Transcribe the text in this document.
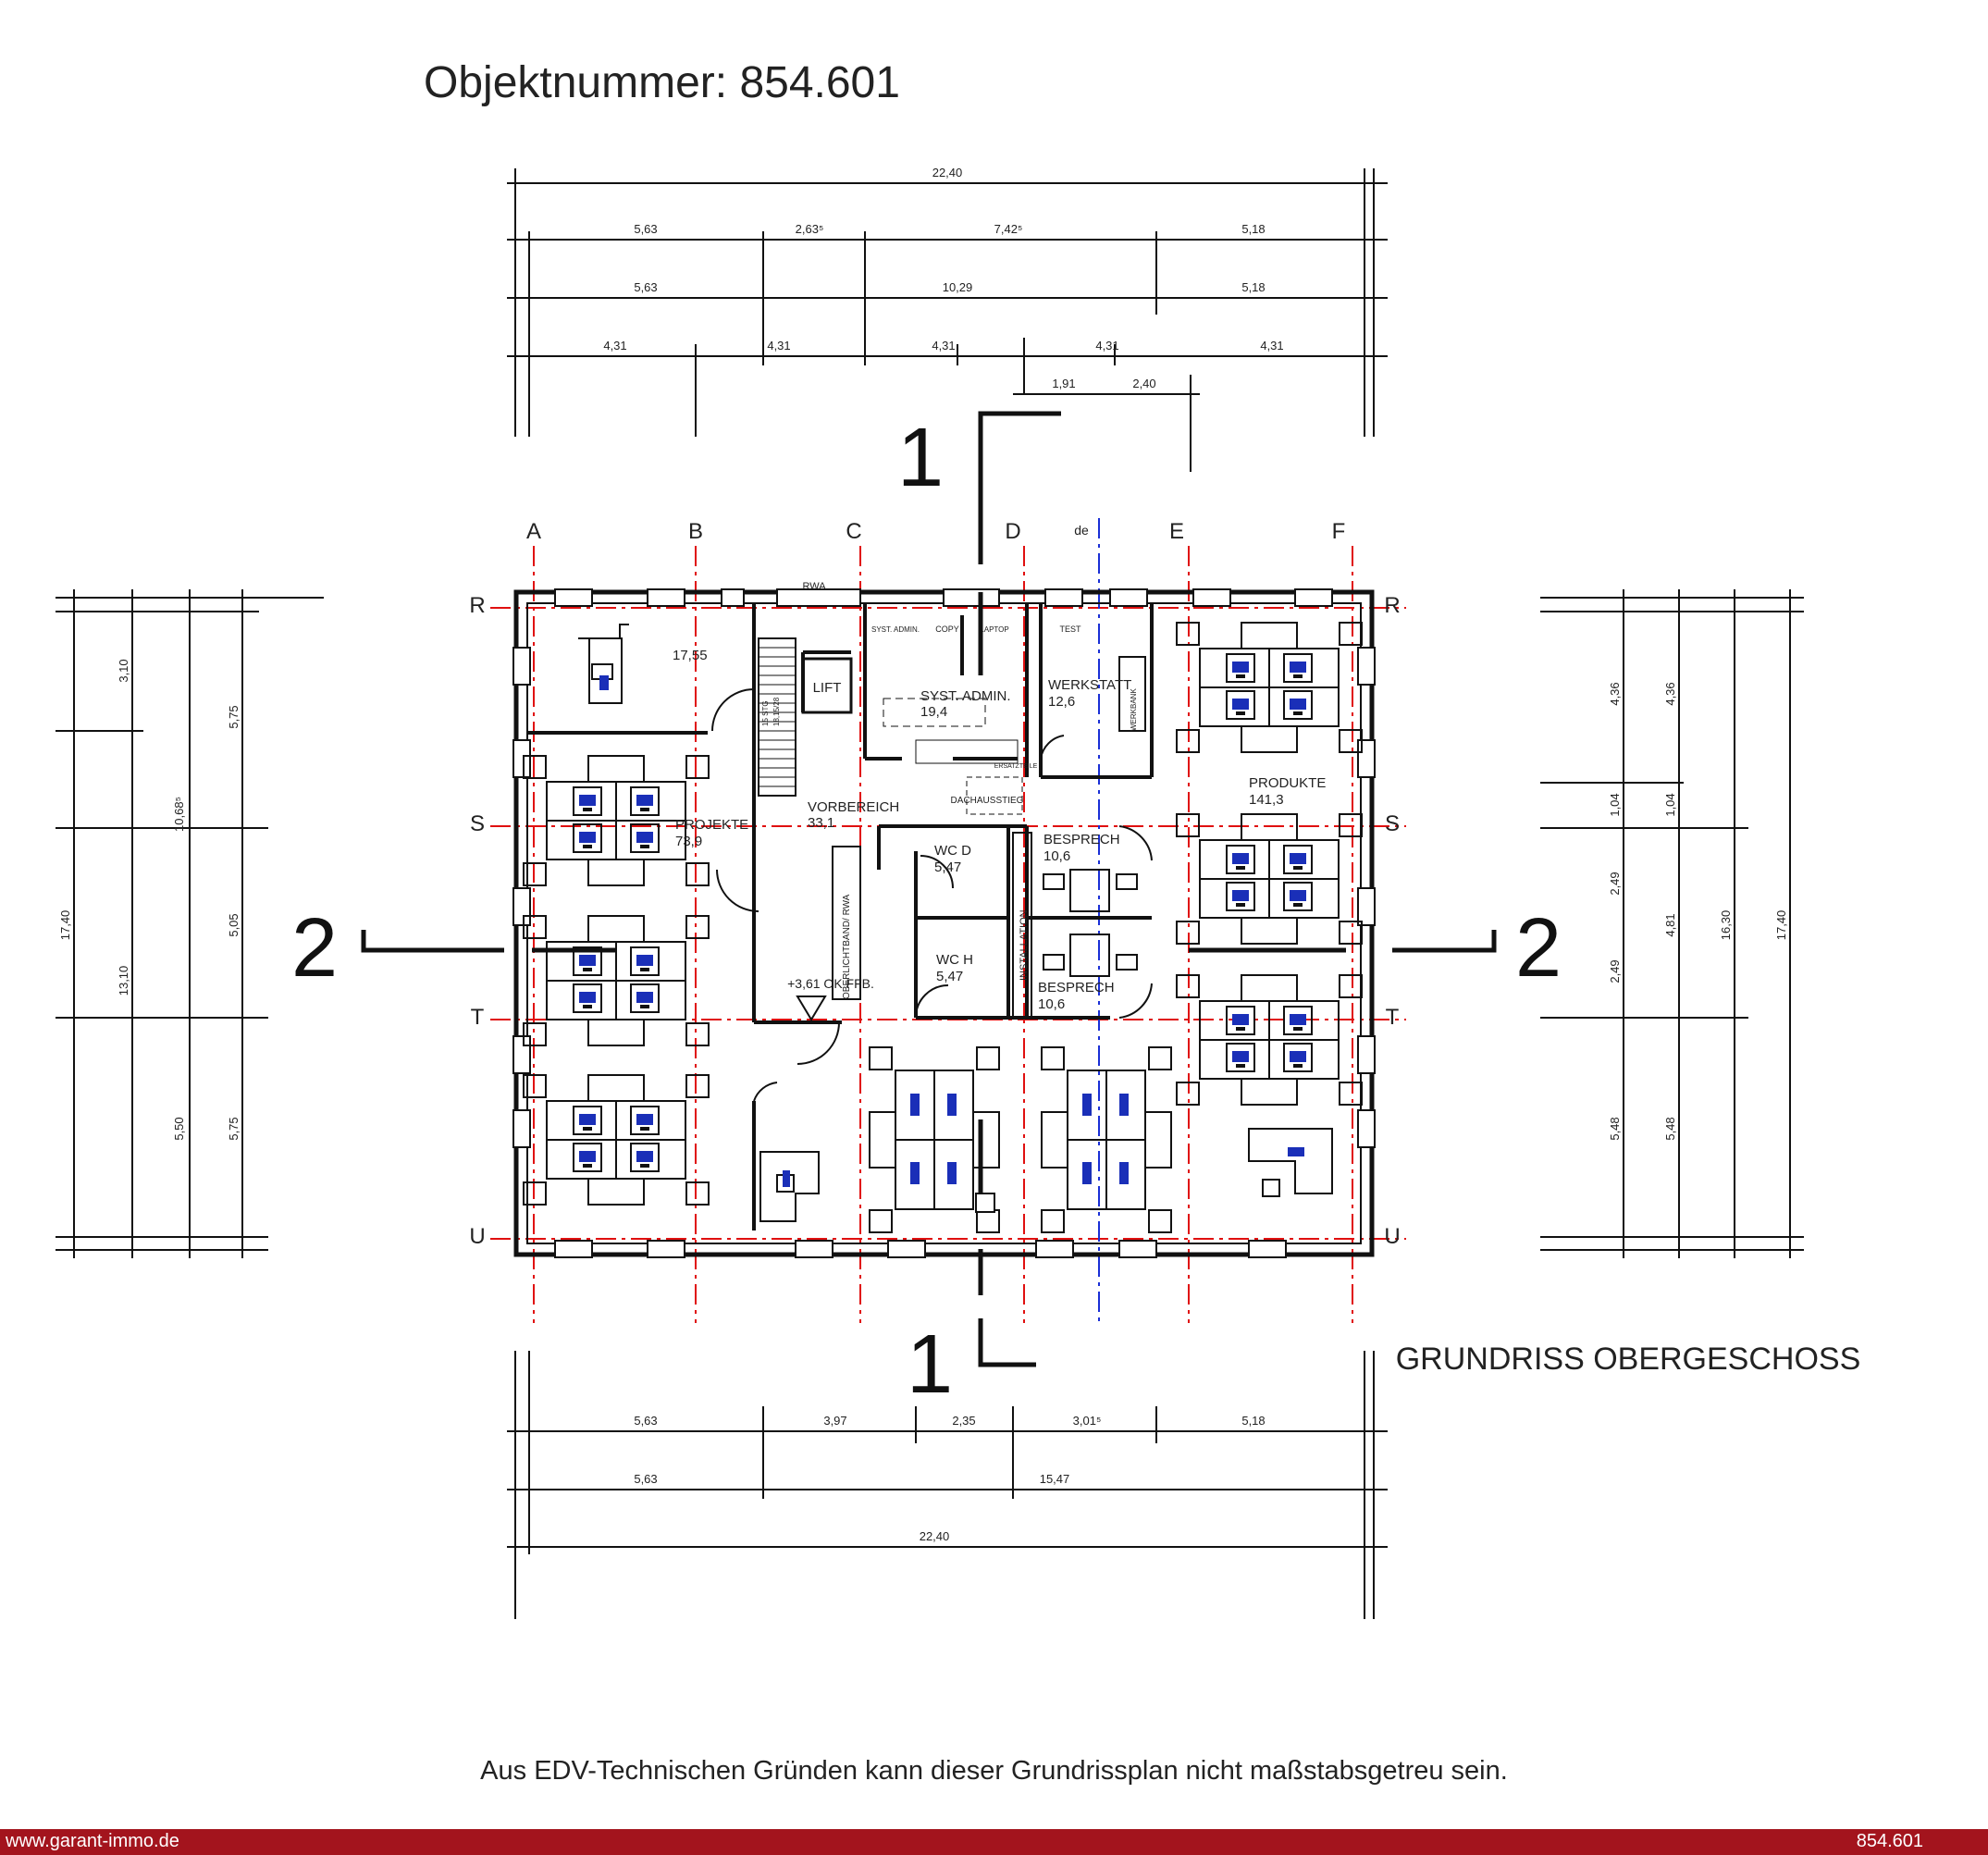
Objektnummer: 854.601
22,40
5,63	2,63⁵	7,42⁵	5,18
5,63	10,29	5,18
4,31	4,31	4,31	4,31	4,31
1,91	2,40
5,63	3,97	2,35	3,01⁵	5,18
5,63	15,47
22,40
17,40
10,68⁵
13,10
3,10
5,50
5,75
5,05
5,75
4,36
1,04
2,49
2,49
5,48
4,36
1,04
4,81
5,48
16,30	17,40
A	B	C	D	de	E	F
R
S
T
U
R
S
T
U
RWA
LIFT
SYST. ADMIN. COPY	LAPTOP	TEST
DACHAUSSTIEG
ERSATZTEILE
+3,61 OK FFB.
15 STG 18,15/28
OBERLICHTBAND/ RWA	INSTALLATION
WERKBANK
17,55
PROJEKTE
73,9
VORBEREICH
33,1
SYST. ADMIN.
19,4
WERKSTATT
12,6
PRODUKTE
141,3
WC D
5,47
WC H
5,47
BESPRECH
10,6
BESPRECH
10,6
1
1
2	2
GRUNDRISS OBERGESCHOSS
Aus EDV-Technischen Gründen kann dieser Grundrissplan nicht maßstabsgetreu sein.
www.garant-immo.de	854.601
